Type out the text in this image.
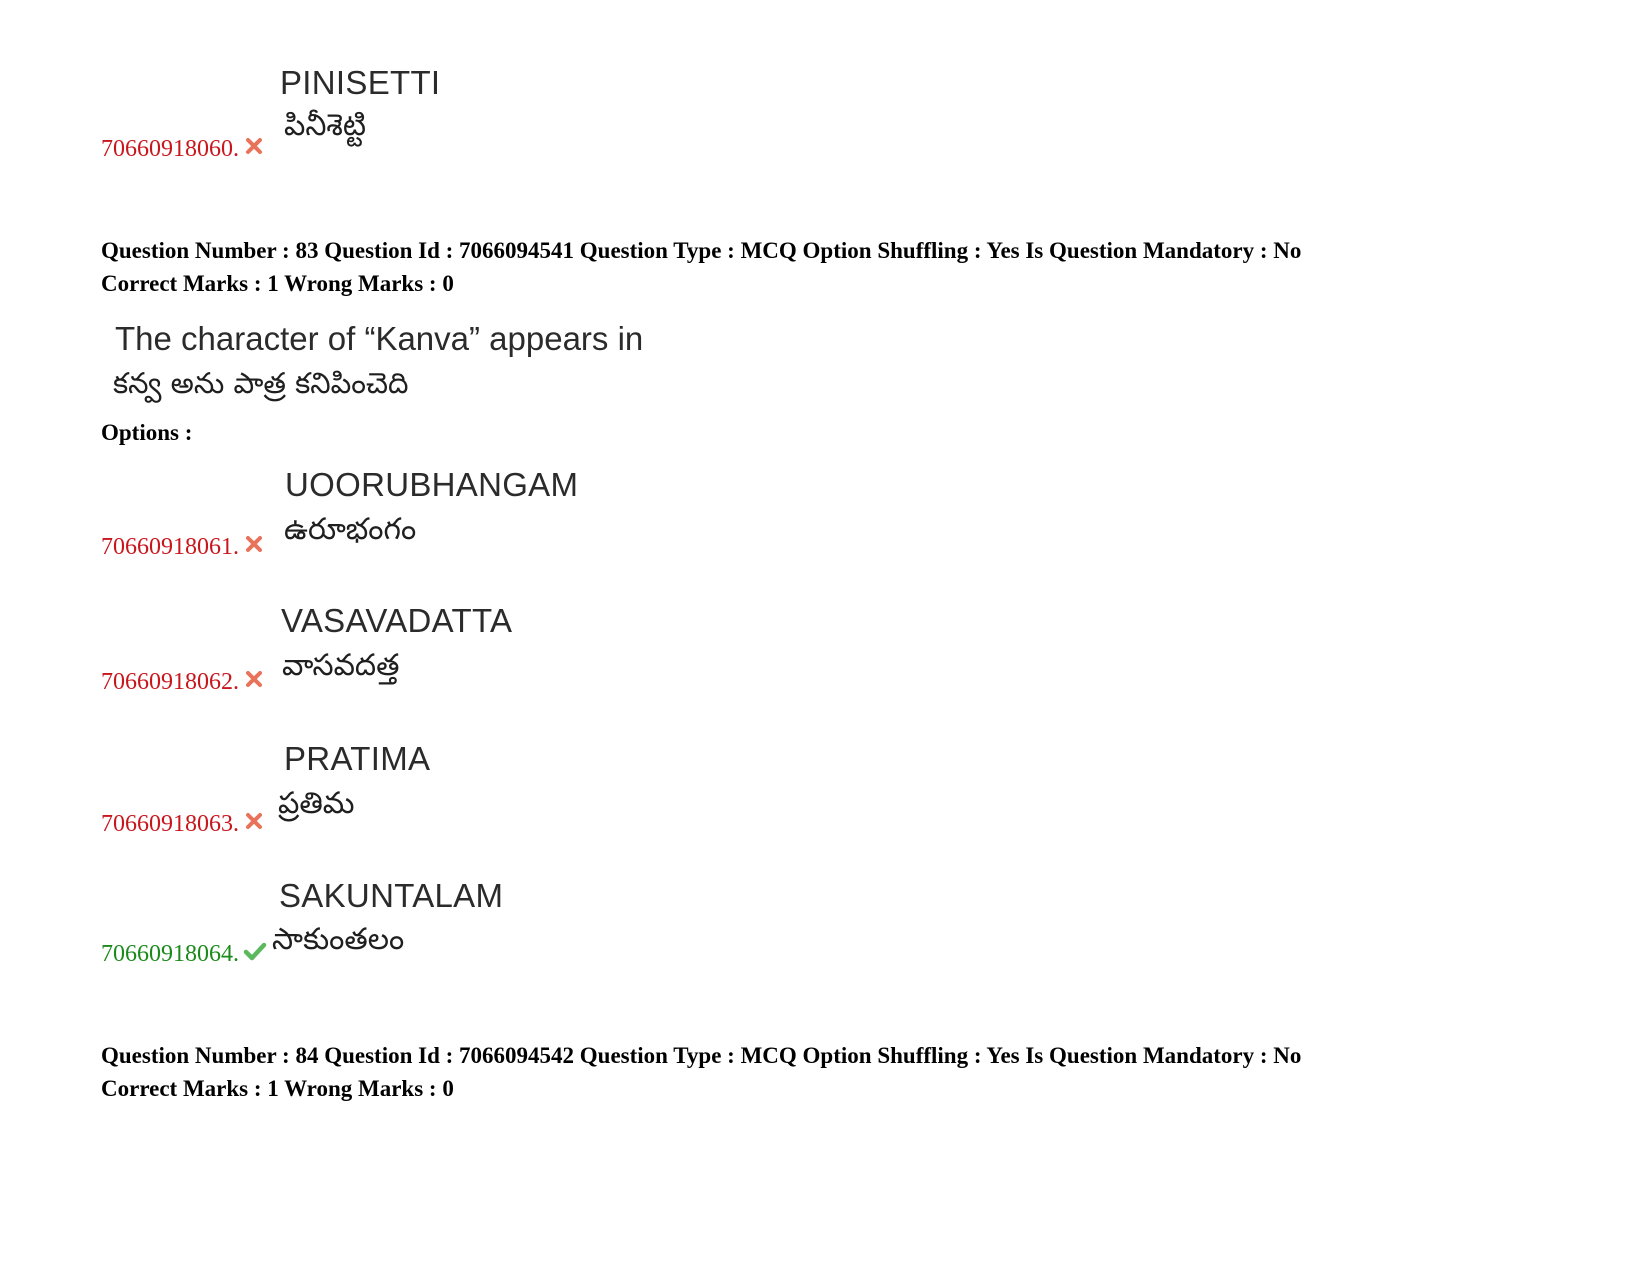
PINISETTI
పినీశెట్టి
70660918060.
Question Number : 83 Question Id : 7066094541 Question Type : MCQ Option Shuffling : Yes Is Question Mandatory : No
Correct Marks : 1 Wrong Marks : 0
The character of “Kanva” appears in
కన్వ అను పాత్ర కనిపించెది
Options :
UOORUBHANGAM
ఉరూభంగం
70660918061.
VASAVADATTA
వాసవదత్త
70660918062.
PRATIMA
ప్రతిమ
70660918063.
SAKUNTALAM
సాకుంతలం
70660918064.
Question Number : 84 Question Id : 7066094542 Question Type : MCQ Option Shuffling : Yes Is Question Mandatory : No
Correct Marks : 1 Wrong Marks : 0
